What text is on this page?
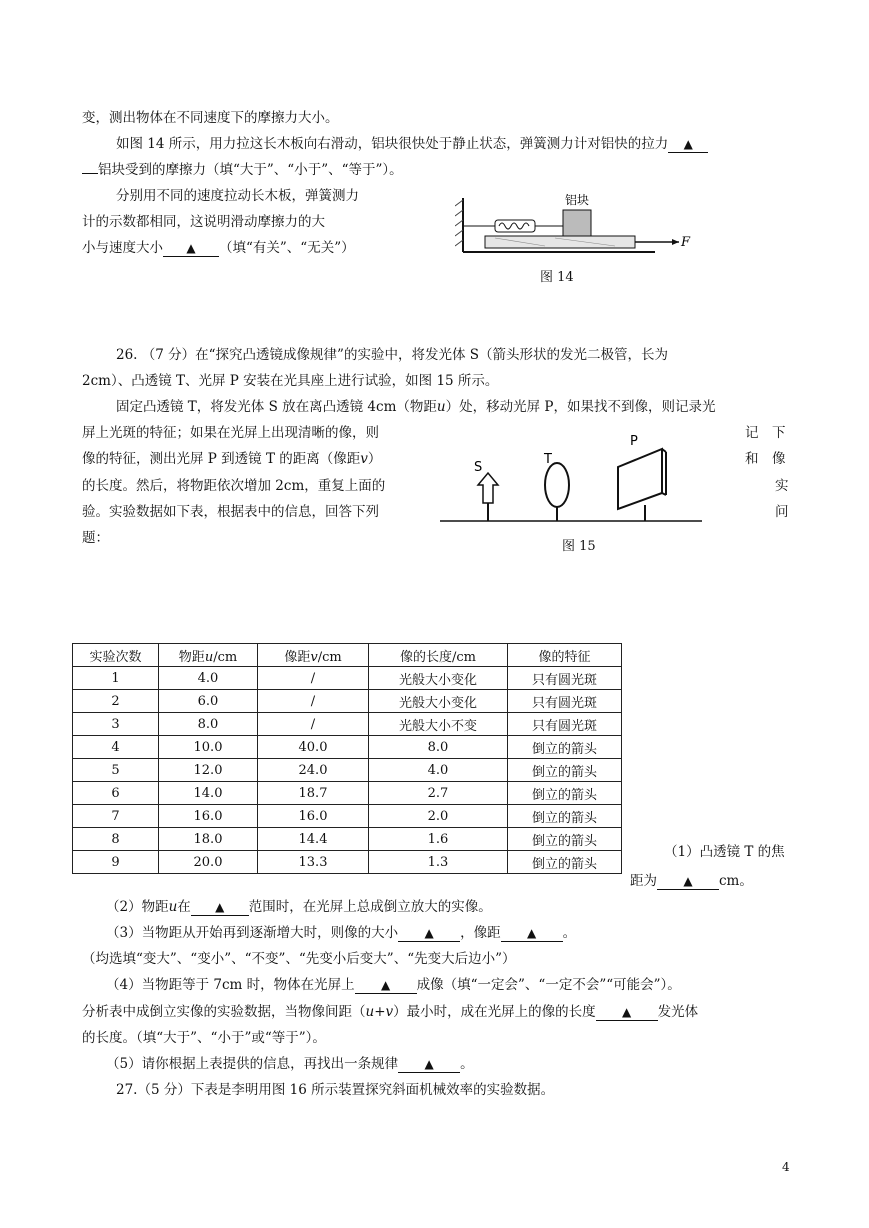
变，测出物体在不同速度下的摩擦力大小。
如图 14 所示，用力拉这长木板向右滑动，铝块很快处于静止状态，弹簧测力计对铝快的拉力 ▲
铝块受到的摩擦力（填“大于”、“小于”、“等于”）。
分别用不同的速度拉动长木板，弹簧测力
计的示数都相同，这说明滑动摩擦力的大
小与速度大小 ▲ （填“有关”、“无关”）
铝块
F
图 14
26. （7 分）在“探究凸透镜成像规律”的实验中，将发光体 S（箭头形状的发光二极管，长为
2cm）、凸透镜 T、光屏 P 安装在光具座上进行试验，如图 15 所示。
固定凸透镜 T，将发光体 S 放在离凸透镜 4cm（物距u）处，移动光屏 P，如果找不到像，则记录光
屏上光斑的特征；如果在光屏上出现清晰的像，则	记　下
像的特征，测出光屏 P 到透镜 T 的距离（像距v）	和　像
的长度。然后，将物距依次增加 2cm，重复上面的	实
验。实验数据如下表，根据表中的信息，回答下列	问
题：
S
T
P
图 15
实验次数	物距u/cm	像距v/cm	像的长度/cm	像的特征
1	4.0	/	光般大小变化	只有圆光斑
2	6.0	/	光般大小变化	只有圆光斑
3	8.0	/	光般大小不变	只有圆光斑
4	10.0	40.0	8.0	倒立的箭头
5	12.0	24.0	4.0	倒立的箭头
6	14.0	18.7	2.7	倒立的箭头
7	16.0	16.0	2.0	倒立的箭头
8	18.0	14.4	1.6	倒立的箭头
9	20.0	13.3	1.3	倒立的箭头
（1）凸透镜 T 的焦
距为 ▲ cm。
（2）物距u在 ▲ 范围时，在光屏上总成倒立放大的实像。
（3）当物距从开始再到逐渐增大时，则像的大小 ▲ ，像距 ▲ 。
（均选填“变大”、“变小”、“不变”、“先变小后变大”、“先变大后边小”）
（4）当物距等于 7cm 时，物体在光屏上 ▲ 成像（填“一定会”、“一定不会”“可能会”）。
分析表中成倒立实像的实验数据，当物像间距（u+v）最小时，成在光屏上的像的长度 ▲ 发光体
的长度。（填“大于”、“小于”或“等于”）。
（5）请你根据上表提供的信息，再找出一条规律 ▲ 。
27.（5 分）下表是李明用图 16 所示装置探究斜面机械效率的实验数据。
4
